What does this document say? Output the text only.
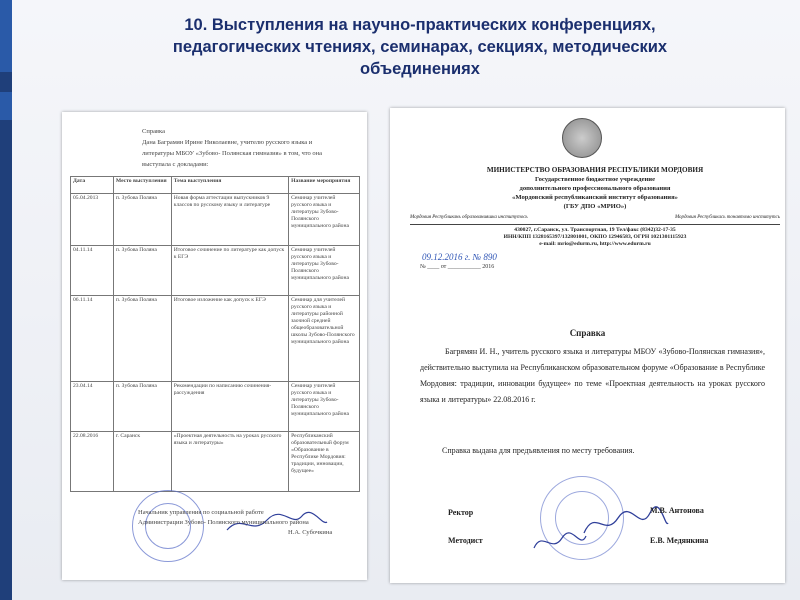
10. Выступления на научно-практических конференциях,
педагогических чтениях, семинарах, секциях, методических
объединениях
Справка
Дана Баграмян Ирине Николаевне, учителю русского языка и
литературы МБОУ «Зубово- Полянская гимназия» в том, что она
выступала с докладами:
Дата	Место выступления	Тема выступления	Название мероприятия
05.04.2013	п. Зубова Поляна	Новая форма аттестации выпускников 9 классов по русскому языку и литературе	Семинар учителей русского языка и литературы Зубово-Полянского муниципального района
04.11.14	п. Зубова Поляна	Итоговое сочинение по литературе как допуск к ЕГЭ	Семинар учителей русского языка и литературы Зубово-Полянского муниципального района
06.11.14	п. Зубова Поляна	Итоговое изложение как допуск к ЕГЭ	Семинар для учителей русского языка и литературы районной заочной средней общеобразовательной школы Зубово-Полянского муниципального района
23.04.14	п. Зубова Поляна	Рекомендации по написанию сочинения- рассуждения	Семинар учителей русского языка и литературы Зубово-Полянского муниципального района
22.08.2016	г. Саранск	«Проектная деятельность на уроках русского языка и литературы»	Республиканский образовательный форум «Образование в Республике Мордовия: традиции, инновации, будущее»
Начальник управления по социальной работе
Администрации Зубово- Полянского муниципального района
Н.А. Субочкина
МИНИСТЕРСТВО ОБРАЗОВАНИЯ РЕСПУБЛИКИ МОРДОВИЯ
Государственное бюджетное учреждение
дополнительного профессионального образования
«Мордовский республиканский институт образования»
(ГБУ ДПО «МРИО»)
Мордовия Республикань образованияшка институтось	Мордовия Республикась тонавтомо институтсь
430027, г.Саранск, ул. Транспортная, 19 Тел/факс (8342)32-17-35
ИНН/КПП 1328165397/132801001, ОКПО 12946583, ОГРН 1021301115923
e-mail: mrio@edurm.ru, http://www.edurm.ru
09.12.2016 г. № 890
№ ____ от ___________ 2016
Справка
Багрямян И. Н., учитель русского языка и литературы МБОУ «Зубово-Полянская гимназия», действительно выступила на Республиканском образовательном форуме «Образование в Республике Мордовия: традиции, инновации будущее» по теме «Проектная деятельность на уроках русского языка и литературы» 22.08.2016 г.
Справка выдана для предъявления по месту требования.
Ректор	М.В. Антонова
Методист	Е.В. Медянкина
